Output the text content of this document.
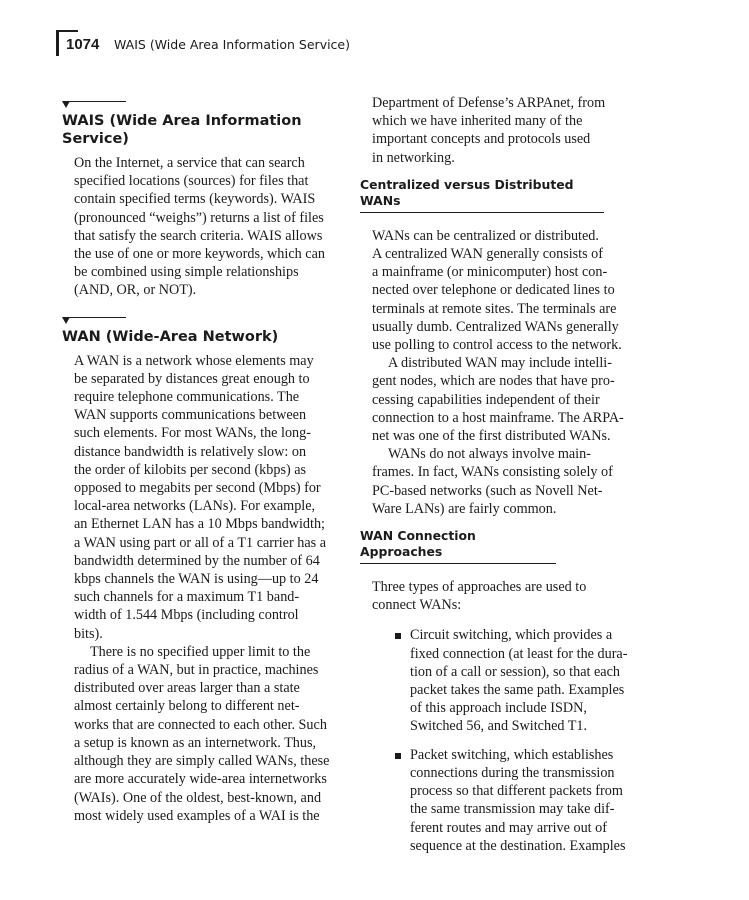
1074 WAIS (Wide Area Information Service)
WAIS (Wide Area Information
Service)

On the Internet, a service that can search
specified locations (sources) for files that
contain specified terms (keywords). WAIS
(pronounced “weighs”) returns a list of files
that satisfy the search criteria. WAIS allows
the use of one or more keywords, which can
be combined using simple relationships
(AND, OR, or NOT).

WAN (Wide-Area Network)

A WAN is a network whose elements may
be separated by distances great enough to
require telephone communications. The
WAN supports communications between
such elements. For most WANs, the long-
distance bandwidth is relatively slow: on
the order of kilobits per second (kbps) as
opposed to megabits per second (Mbps) for
local-area networks (LANs). For example,
an Ethernet LAN has a 10 Mbps bandwidth;
a WAN using part or all of a T1 carrier has a
bandwidth determined by the number of 64
kbps channels the WAN is using—up to 24
such channels for a maximum T1 band-
width of 1.544 Mbps (including control
bits).

There is no specified upper limit to the
radius of a WAN, but in practice, machines
distributed over areas larger than a state
almost certainly belong to different net-
works that are connected to each other. Such
a setup is known as an internetwork. Thus,
although they are simply called WANs, these
are more accurately wide-area internetworks
(WAIs). One of the oldest, best-known, and
most widely used examples of a WAI is the

Department of Defense’s ARPAnet, from
which we have inherited many of the
important concepts and protocols used
in networking.

Centralized versus Distributed WANs

WANs can be centralized or distributed.
A centralized WAN generally consists of
a mainframe (or minicomputer) host con-
nected over telephone or dedicated lines to
terminals at remote sites. The terminals are
usually dumb. Centralized WANs generally
use polling to control access to the network.

A distributed WAN may include intelli-
gent nodes, which are nodes that have pro-
cessing capabilities independent of their
connection to a host mainframe. The ARPA-
net was one of the first distributed WANs.

WANs do not always involve main-
frames. In fact, WANs consisting solely of
PC-based networks (such as Novell Net-
Ware LANs) are fairly common.

WAN Connection Approaches

Three types of approaches are used to
connect WANs:

Circuit switching, which provides a
fixed connection (at least for the dura-
tion of a call or session), so that each
packet takes the same path. Examples
of this approach include ISDN,
Switched 56, and Switched T1.
Packet switching, which establishes
connections during the transmission
process so that different packets from
the same transmission may take dif-
ferent routes and may arrive out of
sequence at the destination. Examples
